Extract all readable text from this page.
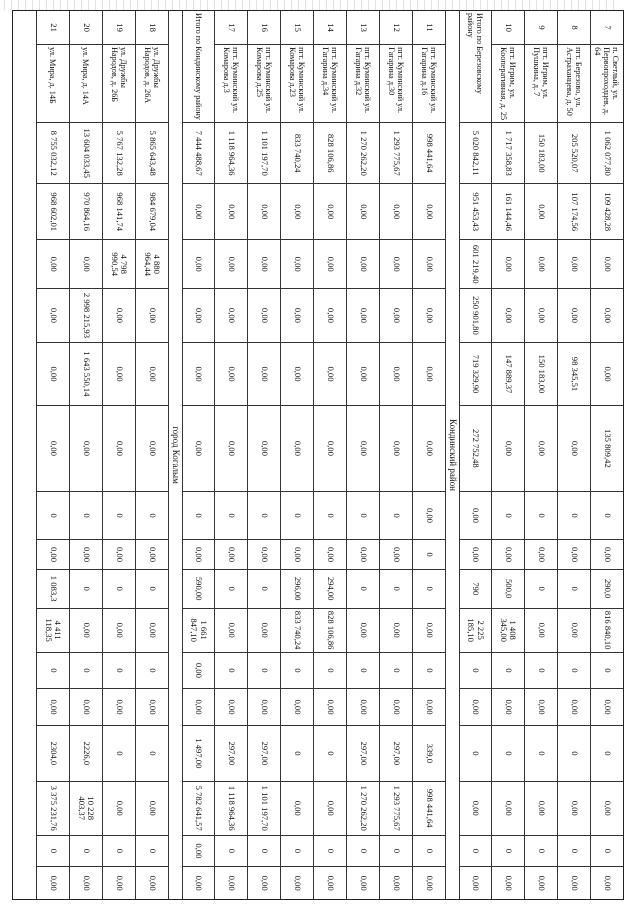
7
п. Светлый, ул. Первопроходцев, д. 64
1 062 077,80
109 428,28
0,00
0,00
0,00
135 809,42
0
0,00
290,0
816 840,10
0
0,00
0
0,00
0
0,00
8
пгт. Березово, ул. Астраханцева, д. 50
205 520,07
107 174,56
0,00
0,00
98 345,51
0,00
0
0,00
0
0,00
0
0,00
0
0,00
0
0,00
9
пгт. Игрим, ул. Пушкина, д. 7
150 183,00
0,00
0,00
0,00
150 183,00
0,00
0
0,00
0
0,00
0
0,00
0
0,00
0
0,00
10
пгт. Игрим, ул. Кооперативная, д. 25
1 717 358,83
161 144,46
0,00
0,00
147 889,37
0,00
0
0,00
500,0
1 408 345,00
0
0,00
0
0,00
0
0,00
Итого по Березовскому району
5 020 842,11
951 453,43
601 219,40
250 901,80
719 329,90
272 752,48
0,00
0,00
790
2 225 185,10
0
0,00
0
0,00
0
0,00
Кондинский район
11
пгт. Куминский ул. Гагарина д.16
998 441,64
0,00
0,00
0,00
0,00
0,00
0,00
0
0
0,00
0
0,00
339,0
998 441,64
0
0,00
12
пгт. Куминский ул. Гагарина д.30
1 293 775,67
0,00
0,00
0,00
0,00
0,00
0
0,00
0
0,00
0
0,00
297,00
1 293 775,67
0
0,00
13
пгт. Куминский ул. Гагарина д.32
1 270 262,20
0,00
0,00
0,00
0,00
0,00
0
0,00
0
0,00
0
0,00
297,00
1 270 262,20
0
0,00
14
пгт. Куминский ул. Гагарина д.34
828 106,86
0,00
0,00
0,00
0,00
0,00
0
0,00
294,00
828 106,86
0
0,00
0
0,00
0
0,00
15
пгт. Куминский ул. Комарова д.23
833 740,24
0,00
0,00
0,00
0,00
0,00
0
0,00
296,00
833 740,24
0
0,00
0
0,00
0
0,00
16
пгт. Куминский ул. Комарова д.25
1 101 197,70
0,00
0,00
0,00
0,00
0,00
0
0,00
0
0,00
0
0,00
297,00
1 101 197,70
0
0,00
17
пгт. Куминский ул. Комарова д.3
1 118 964,36
0,00
0,00
0,00
0,00
0,00
0
0,00
0
0,00
0
0,00
297,00
1 118 964,36
0
0,00
Итого по Кондинскому району
7 444 488,67
0,00
0,00
0,00
0,00
0,00
0
0,00
590,00
1 661 847,10
0,00
0,00
1 497,00
5 782 641,57
0,00
0,00
город Когалым
18
ул. Дружбы Народов, д. 26А
5 865 643,48
984 679,04
4 880 964,44
0,00
0,00
0,00
0
0,00
0
0,00
0
0,00
0
0,00
0
0,00
19
ул. Дружбы Народов, д. 26Б
5 767 132,28
968 141,74
4 798 990,54
0,00
0,00
0,00
0
0,00
0
0,00
0
0,00
0
0,00
0
0,00
20
ул. Мира, д. 14А
13 604 033,45
970 864,16
0,00
2 998 215,93
1 643 550,14
0,00
0
0,00
0
0,00
0
0,00
2226,0
10 228 403,37
0
0,00
21
ул. Мира, д. 14Б
8 755 032,12
968 602,01
0,00
0,00
0,00
0,00
0
0,00
1 083,3
4 411 118,35
0
0,00
2304,0
3 375 231,76
0
0,00
